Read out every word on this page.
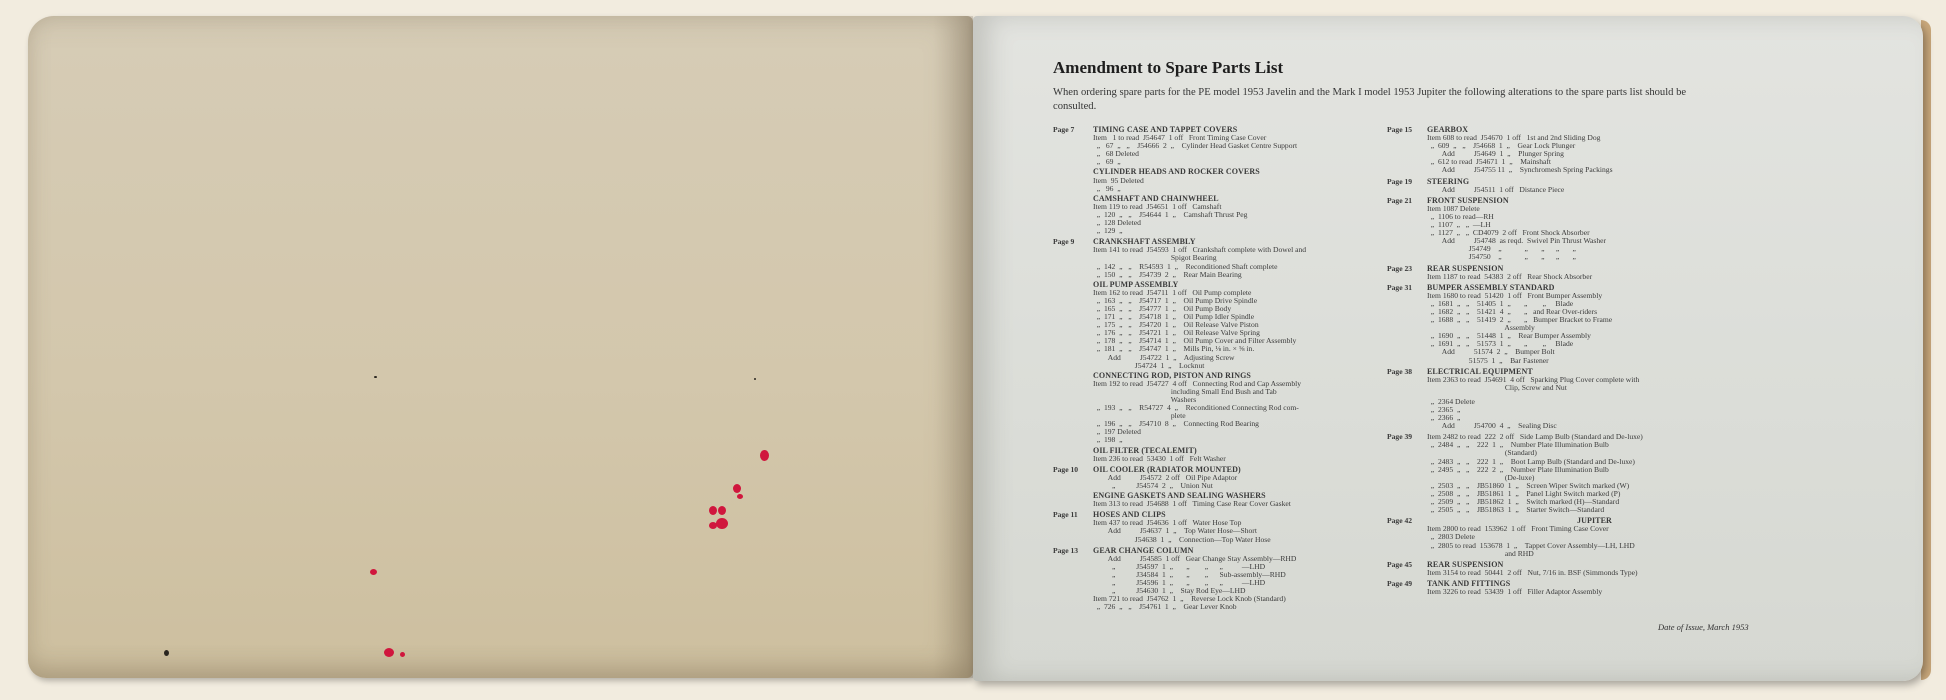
Amendment to Spare Parts List
When ordering spare parts for the PE model 1953 Javelin and the Mark I model 1953 Jupiter the following alterations to the spare parts list should be consulted.
Page 7 TIMING CASE AND TAPPET COVERS
Item   1 to read  J54647  1 off   Front Timing Case Cover
„   67  „   „    J54666  2  „    Cylinder Head Gasket Centre Support
„   68 Deleted
„   69  „
CYLINDER HEADS AND ROCKER COVERS
Item  95 Deleted
„   96  „
CAMSHAFT AND CHAINWHEEL
Item 119 to read  J54651  1 off   Camshaft
„  120  „   „    J54644  1  „    Camshaft Thrust Peg
„  128 Deleted
„  129  „
Page 9 CRANKSHAFT ASSEMBLY
Item 141 to read  J54593  1 off   Crankshaft complete with Dowel and
Spigot Bearing
„  142  „   „    R54593  1  „    Reconditioned Shaft complete
„  150  „   „    J54739  2  „    Rear Main Bearing
OIL PUMP ASSEMBLY
Item 162 to read  J54711  1 off   Oil Pump complete
„  163  „   „    J54717  1  „    Oil Pump Drive Spindle
„  165  „   „    J54777  1  „    Oil Pump Body
„  171  „   „    J54718  1  „    Oil Pump Idler Spindle
„  175  „   „    J54720  1  „    Oil Release Valve Piston
„  176  „   „    J54721  1  „    Oil Release Valve Spring
„  178  „   „    J54714  1  „    Oil Pump Cover and Filter Assembly
„  181  „   „    J54747  1  „    Mills Pin, ⅛ in. × ⅝ in.
Add          J54722  1  „    Adjusting Screw
J54724  1  „    Locknut
CONNECTING ROD, PISTON AND RINGS
Item 192 to read  J54727  4 off   Connecting Rod and Cap Assembly
including Small End Bush and Tab
Washers
„  193  „   „    R54727  4  „    Reconditioned Connecting Rod com-
plete
„  196  „   „    J54710  8  „    Connecting Rod Bearing
„  197 Deleted
„  198  „
OIL FILTER (TECALEMIT)
Item 236 to read  53430  1 off   Felt Washer
Page 10 OIL COOLER (RADIATOR MOUNTED)
Add          J54572  2 off   Oil Pipe Adaptor
„           J54574  2  „    Union Nut
ENGINE GASKETS AND SEALING WASHERS
Item 313 to read  J54688  1 off   Timing Case Rear Cover Gasket
Page 11 HOSES AND CLIPS
Item 437 to read  J54636  1 off   Water Hose Top
Add          J54637  1  „    Top Water Hose—Short
J54638  1  „    Connection—Top Water Hose
Page 13 GEAR CHANGE COLUMN
Add          J54585  1 off   Gear Change Stay Assembly—RHD
„           J54597  1  „       „        „      „          —LHD
„           J34584  1  „       „        „      Sub-assembly—RHD
„           J54596  1  „       „        „      „          —LHD
„           J54630  1  „    Stay Rod Eye—LHD
Item 721 to read  J54762  1  „    Reverse Lock Knob (Standard)
„  726  „   „    J54761  1  „    Gear Lever Knob
Page 15 GEARBOX
Item 608 to read  J54670  1 off   1st and 2nd Sliding Dog
„  609  „   „    J54668  1  „    Gear Lock Plunger
Add          J54649  1  „    Plunger Spring
„  612 to read  J54671  1  „    Mainshaft
Add          J54755 11  „    Synchromesh Spring Packings
Page 19 STEERING
Add          J54511  1 off   Distance Piece
Page 21 FRONT SUSPENSION
Item 1087 Delete
„  1106 to read—RH
„  1107  „   „  —LH
„  1127  „   „  CD4079  2 off   Front Shock Absorber
Add          J54748  as reqd.  Swivel Pin Thrust Washer
J54749    „            „       „      „       „
J54750    „            „       „      „       „
Page 23 REAR SUSPENSION
Item 1187 to read  54383  2 off   Rear Shock Absorber
Page 31 BUMPER ASSEMBLY STANDARD
Item 1680 to read  51420  1 off   Front Bumper Assembly
„  1681  „   „    51405  1  „       „        „     Blade
„  1682  „   „    51421  4  „       „   and Rear Over-riders
„  1688  „   „    51419  2  „       „   Bumper Bracket to Frame
Assembly
„  1690  „   „    51448  1  „    Rear Bumper Assembly
„  1691  „   „    51573  1  „       „        „     Blade
Add          51574  2  „    Bumper Bolt
51575  1  „    Bar Fastener
Page 38 ELECTRICAL EQUIPMENT
Item 2363 to read  J54691  4 off   Sparking Plug Cover complete with
Clip, Screw and Nut
„  2364 Delete
„  2365  „
„  2366  „
Add          J54700  4  „    Sealing Disc
Page 39 Item 2482 to read  222  2 off   Side Lamp Bulb (Standard and De-luxe)
„  2484  „   „    222  1  „    Number Plate Illumination Bulb
(Standard)
„  2483  „   „    222  1  „    Boot Lamp Bulb (Standard and De-luxe)
„  2495  „   „    222  2  „    Number Plate Illumination Bulb
(De-luxe)
„  2503  „   „    JB51860  1  „    Screen Wiper Switch marked (W)
„  2508  „   „    JB51861  1  „    Panel Light Switch marked (P)
„  2509  „   „    JB51862  1  „    Switch marked (H)—Standard
„  2505  „   „    JB51863  1  „    Starter Switch—Standard
Page 42	JUPITER
Item 2800 to read  153962  1 off   Front Timing Case Cover
„  2803 Delete
„  2805 to read  153678  1  „    Tappet Cover Assembly—LH, LHD
and RHD
Page 45 REAR SUSPENSION
Item 3154 to read  50441  2 off   Nut, 7/16 in. BSF (Simmonds Type)
Page 49 TANK AND FITTINGS
Item 3226 to read  53439  1 off   Filler Adaptor Assembly
Date of Issue, March 1953
